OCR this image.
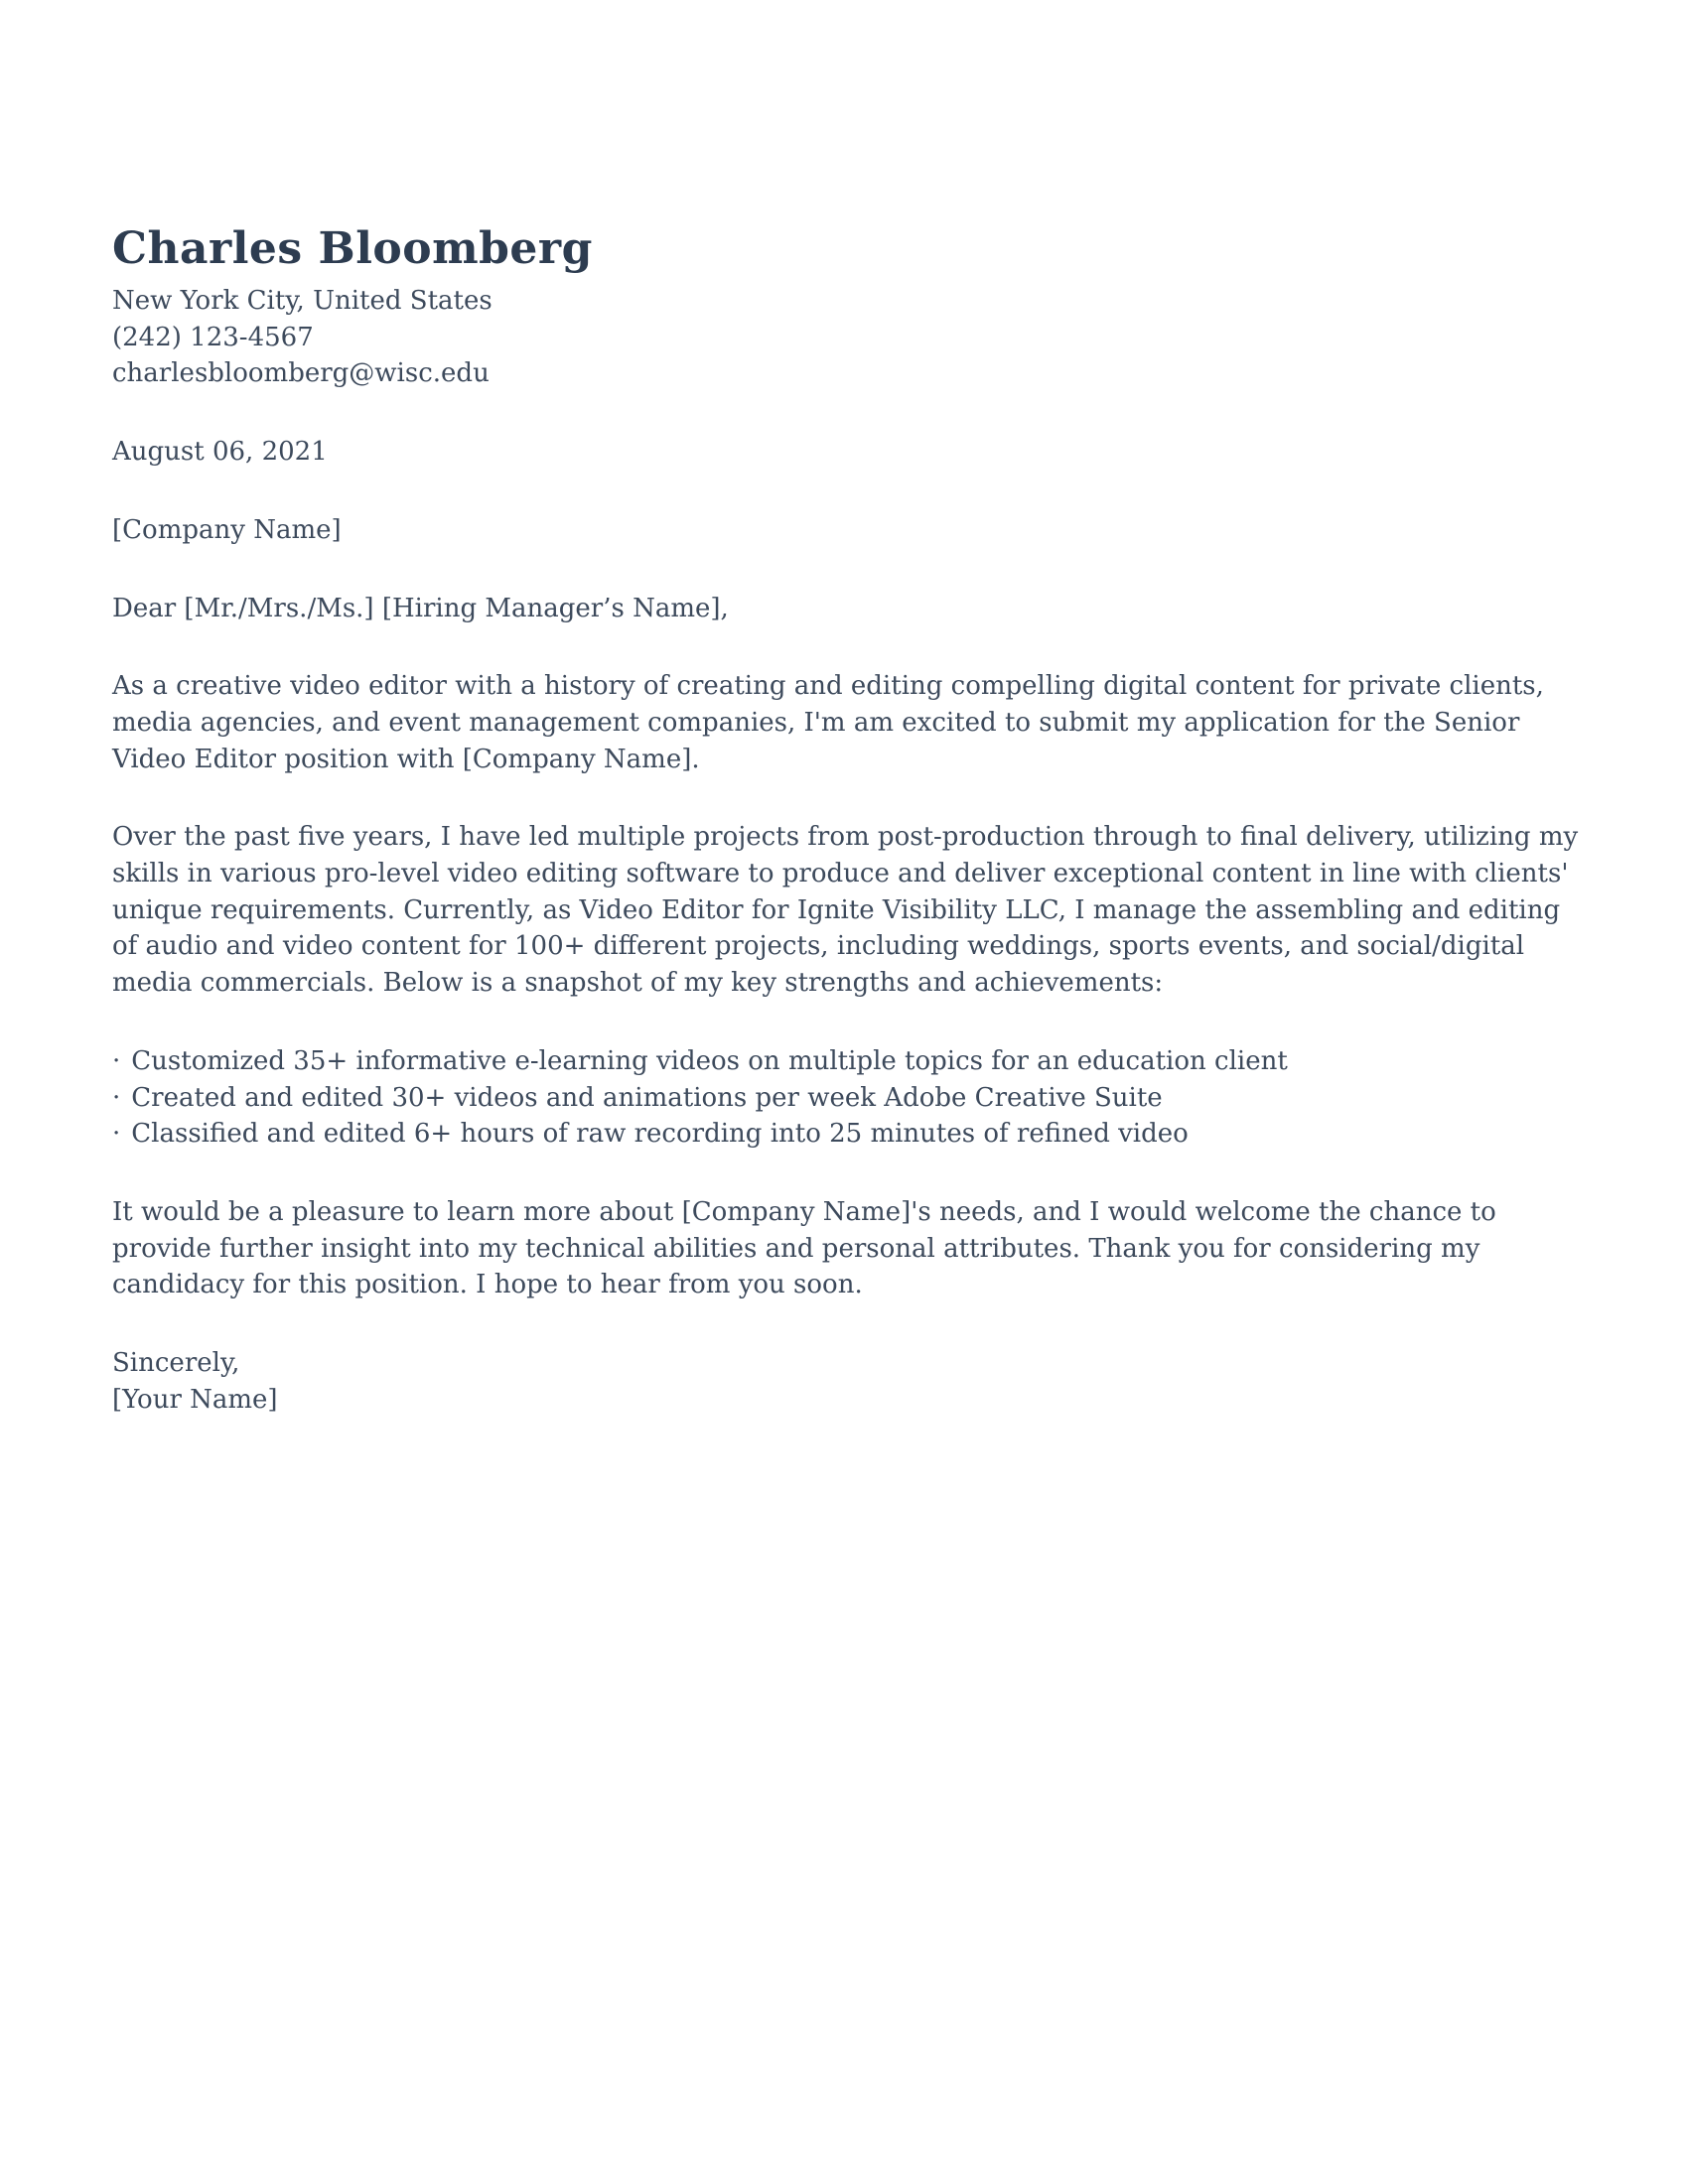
Charles Bloomberg
New York City, United States
(242) 123-4567
charlesbloomberg@wisc.edu

August 06, 2021

[Company Name]

Dear [Mr./Mrs./Ms.] [Hiring Manager’s Name],

As a creative video editor with a history of creating and editing compelling digital content for private clients, media agencies, and event management companies, I'm am excited to submit my application for the Senior Video Editor position with [Company Name].

Over the past five years, I have led multiple projects from post-production through to final delivery, utilizing my skills in various pro-level video editing software to produce and deliver exceptional content in line with clients' unique requirements. Currently, as Video Editor for Ignite Visibility LLC, I manage the assembling and editing of audio and video content for 100+ different projects, including weddings, sports events, and social/digital media commercials. Below is a snapshot of my key strengths and achievements:

· Customized 35+ informative e-learning videos on multiple topics for an education client
· Created and edited 30+ videos and animations per week Adobe Creative Suite
· Classified and edited 6+ hours of raw recording into 25 minutes of refined video

It would be a pleasure to learn more about [Company Name]'s needs, and I would welcome the chance to provide further insight into my technical abilities and personal attributes. Thank you for considering my candidacy for this position. I hope to hear from you soon.

Sincerely,
[Your Name]
